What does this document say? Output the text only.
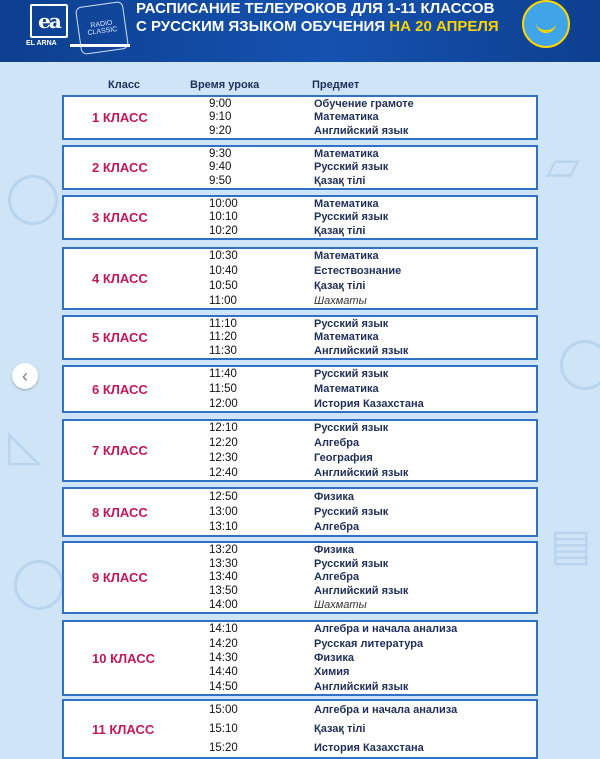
ea
EL ARNA
RADIO CLASSIC
РАСПИСАНИЕ ТЕЛЕУРОКОВ ДЛЯ 1-11 КЛАССОВ
С РУССКИМ ЯЗЫКОМ ОБУЧЕНИЯ НА 20 АПРЕЛЯ
▱
◺
▤
‹
Класс	Время урока	Предмет
1 КЛАСС
9:00
9:10
9:20
Обучение грамоте
Математика
Английский язык
2 КЛАСС
9:30
9:40
9:50
Математика
Русский язык
Қазақ тілі
3 КЛАСС
10:00
10:10
10:20
Математика
Русский язык
Қазақ тілі
4 КЛАСС
10:30
10:40
10:50
11:00
Математика
Естествознание
Қазақ тілі
Шахматы
5 КЛАСС
11:10
11:20
11:30
Русский язык
Математика
Английский язык
6 КЛАСС
11:40
11:50
12:00
Русский язык
Математика
История Казахстана
7 КЛАСС
12:10
12:20
12:30
12:40
Русский язык
Алгебра
География
Английский язык
8 КЛАСС
12:50
13:00
13:10
Физика
Русский язык
Алгебра
9 КЛАСС
13:20
13:30
13:40
13:50
14:00
Физика
Русский язык
Алгебра
Английский язык
Шахматы
10 КЛАСС
14:10
14:20
14:30
14:40
14:50
Алгебра и начала анализа
Русская литература
Физика
Химия
Английский язык
11 КЛАСС
15:00
15:10
15:20
Алгебра и начала анализа
Қазақ тілі
История Казахстана
